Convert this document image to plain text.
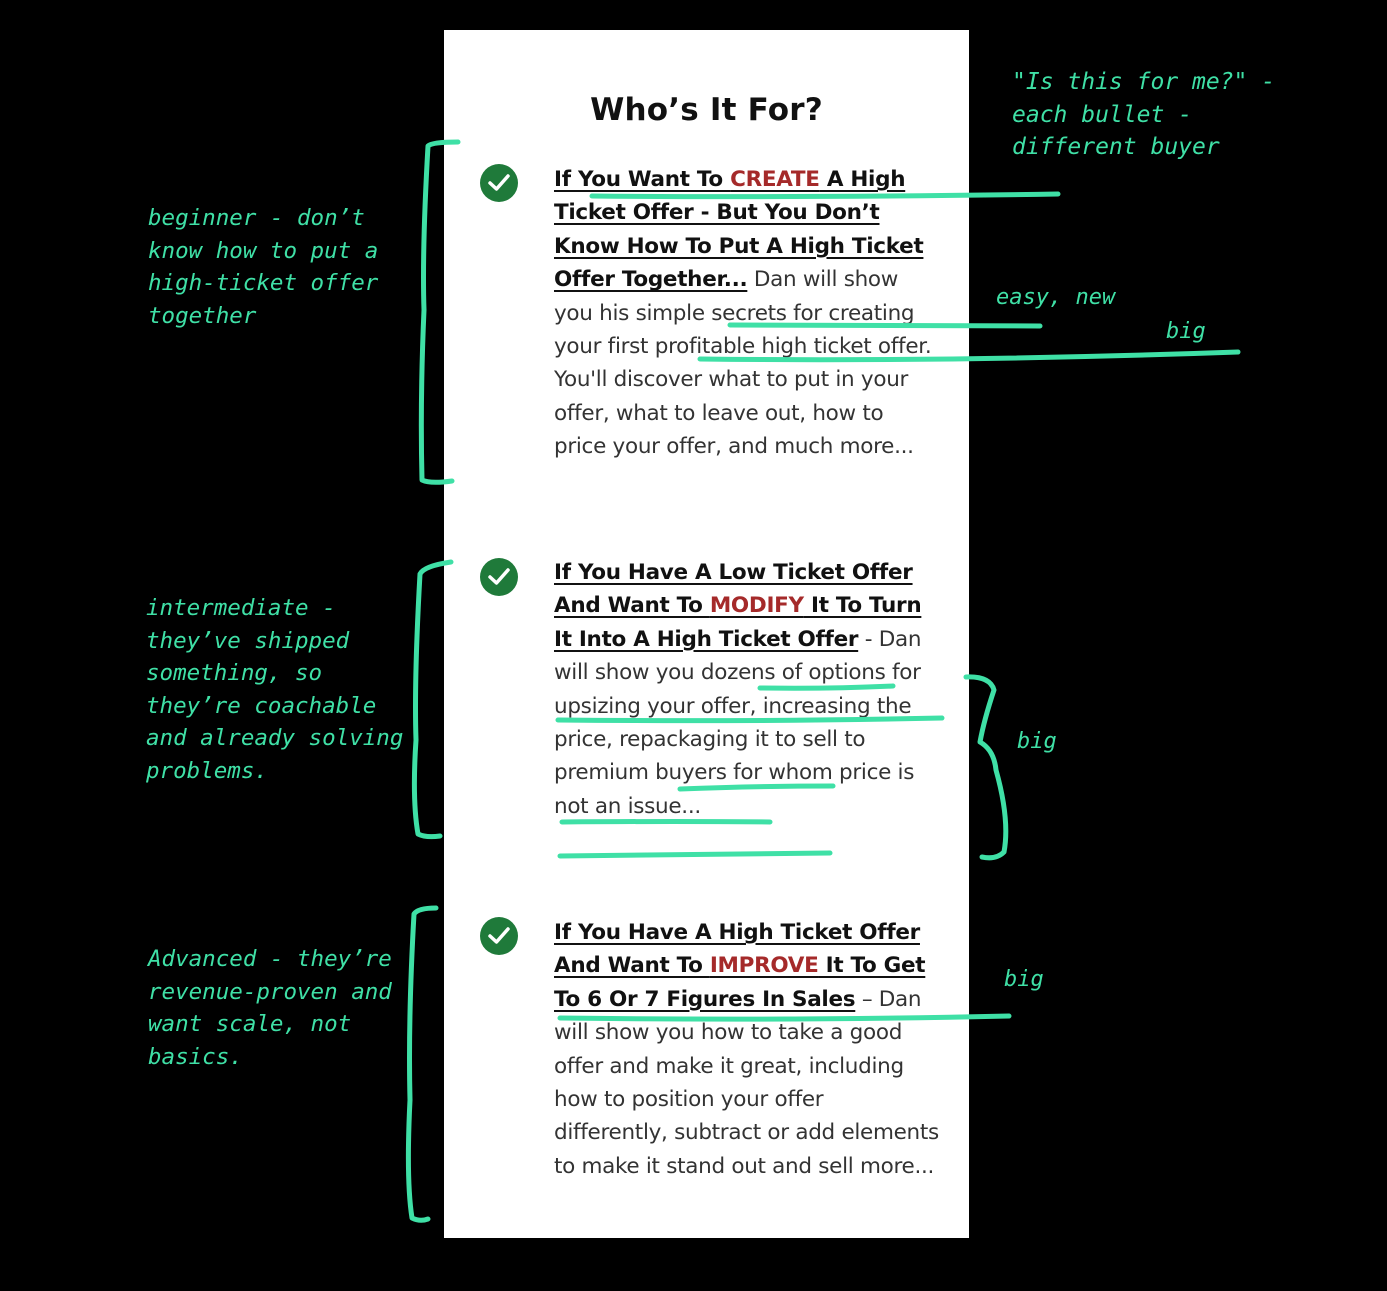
Who’s It For?
If You Want To CREATE A High Ticket Offer - But You Don’t Know How To Put A High Ticket Offer Together... Dan will show you his simple secrets for creating your first profitable high ticket offer. You'll discover what to put in your offer, what to leave out, how to price your offer, and much more...
If You Have A Low Ticket Offer And Want To MODIFY It To Turn It Into A High Ticket Offer - Dan will show you dozens of options for upsizing your offer, increasing the price, repackaging it to sell to premium buyers for whom price is not an issue...
If You Have A High Ticket Offer And Want To IMPROVE It To Get To 6 Or 7 Figures In Sales – Dan will show you how to take a good offer and make it great, including how to position your offer differently, subtract or add elements to make it stand out and sell more...
"Is this for me?" -
each bullet -
different buyer
beginner - don’t
know how to put a
high-ticket offer
together
intermediate -
they’ve shipped
something, so
they’re coachable
and already solving
problems.
Advanced - they’re
revenue-proven and
want scale, not
basics.
easy, new
big
big
big
